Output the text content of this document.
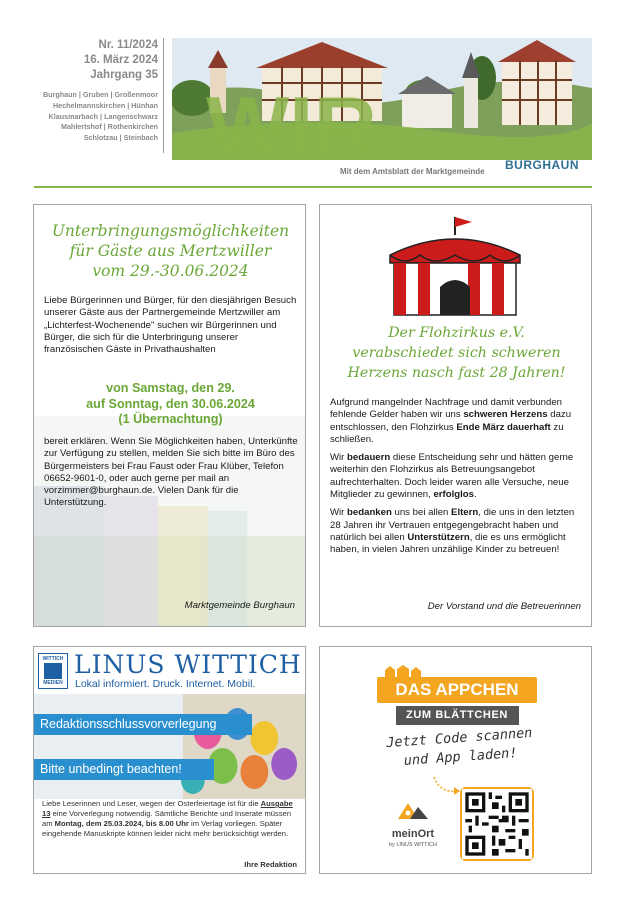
Nr. 11/2024
16. März 2024
Jahrgang 35
Burghaun | Gruben | Großenmoor
Hechelmannskirchen | Hünhan
Klausmarbach | Langenschwarz
Mahlertshof | Rothenkirchen
Schlotzau | Steinbach WIR
Mit dem Amtsblatt der Marktgemeinde BURGHAUN
Unterbringungsmöglichkeiten
für Gäste aus Mertzwiller
vom 29.-30.06.2024
Liebe Bürgerinnen und Bürger, für den diesjährigen Besuch unserer Gäste aus der Partnergemeinde Mertzwiller am „Lichterfest-Wochenende" suchen wir Bürgerinnen und Bürger, die sich für die Unterbringung unserer französischen Gäste in Privathaushalten
von Samstag, den 29.
auf Sonntag, den 30.06.2024
(1 Übernachtung)
bereit erklären. Wenn Sie Möglichkeiten haben, Unterkünfte zur Verfügung zu stellen, melden Sie sich bitte im Büro des Bürgermeisters bei Frau Faust oder Frau Klüber, Telefon 06652-9601-0, oder auch gerne per mail an vorzimmer@burghaun.de. Vielen Dank für die Unterstützung.
Marktgemeinde Burghaun
Der Flohzirkus e.V.
verabschiedet sich schweren
Herzens nasch fast 28 Jahren!

Aufgrund mangelnder Nachfrage und damit verbunden fehlende Gelder haben wir uns schweren Herzens dazu entschlossen, den Flohzirkus Ende März dauerhaft zu schließen.

Wir bedauern diese Entscheidung sehr und hätten gerne weiterhin den Flohzirkus als Betreuungsangebot aufrechterhalten. Doch leider waren alle Versuche, neue Mitglieder zu gewinnen, erfolglos.

Wir bedanken uns bei allen Eltern, die uns in den letzten 28 Jahren ihr Vertrauen entgegengebracht haben und natürlich bei allen Unterstützern, die es uns ermöglicht haben, in vielen Jahren unzählige Kinder zu betreuen!

Der Vorstand und die Betreuerinnen
WITTICH
MEDIEN
LINUS WITTICH
Lokal informiert. Druck. Internet. Mobil.
Redaktionsschlussvorverlegung
Bitte unbedingt beachten!
Liebe Leserinnen und Leser, wegen der Osterfeiertage ist für die Ausgabe 13 eine Vorverlegung notwendig. Sämtliche Berichte und Inserate müssen am Montag, dem 25.03.2024, bis 8.00 Uhr im Verlag vorliegen. Später eingehende Manuskripte können leider nicht mehr berücksichtigt werden.
Ihre Redaktion
DAS APPCHEN
ZUM BLÄTTCHEN
Jetzt Code scannen
und App laden!
meinOrt
by LINUS WITTICH
